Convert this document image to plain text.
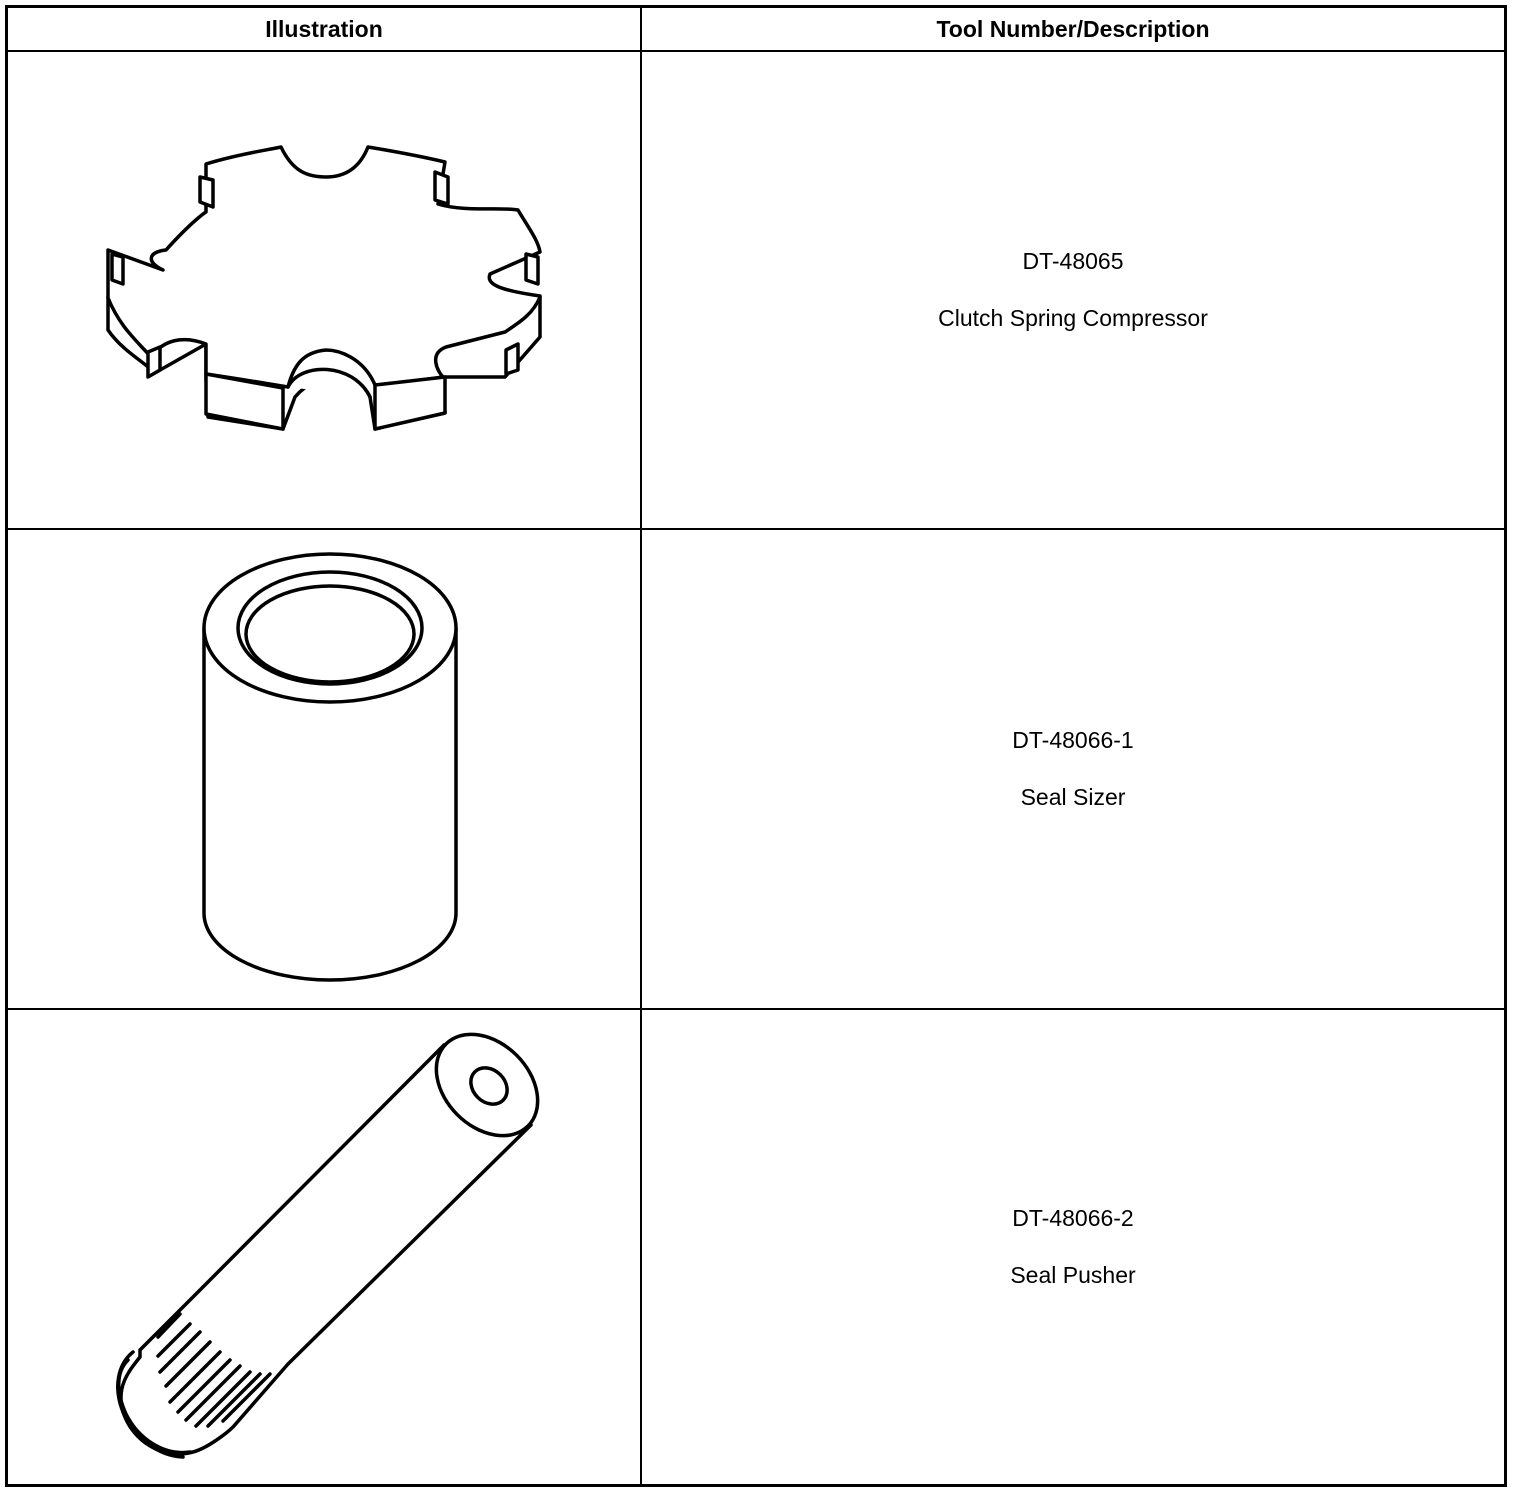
Illustration	Tool Number/Description
DT-48065
Clutch Spring Compressor
DT-48066-1
Seal Sizer
DT-48066-2
Seal Pusher
